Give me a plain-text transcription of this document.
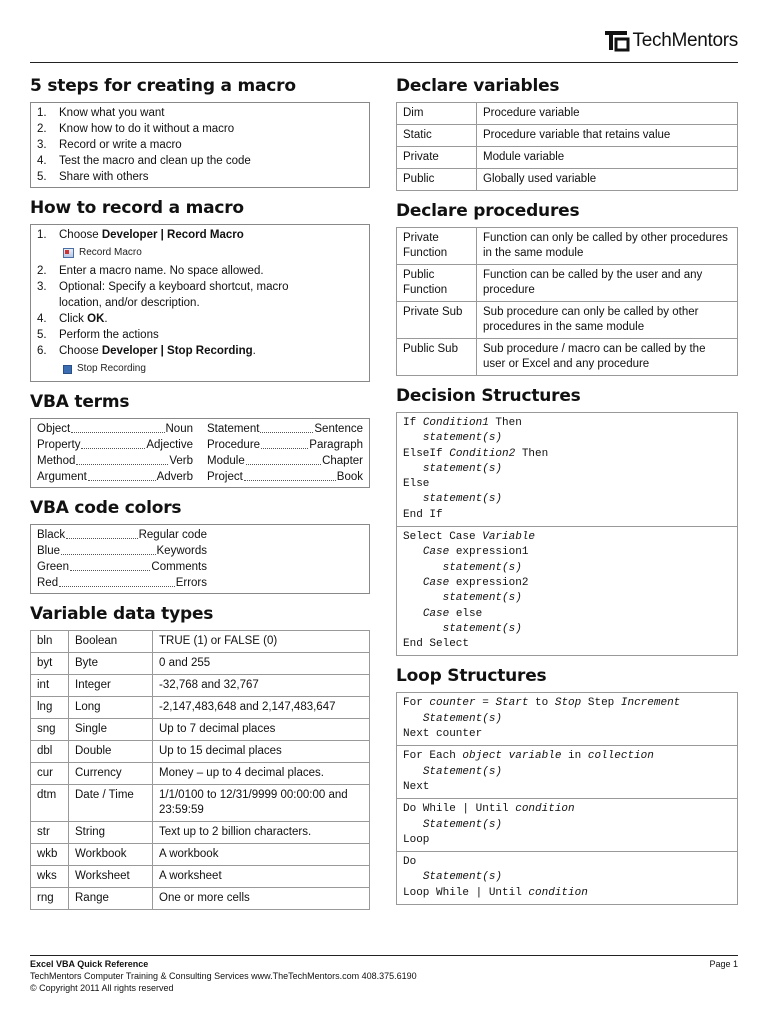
TechMentors
5 steps for creating a macro
1.	Know what you want
2.	Know how to do it without a macro
3.	Record or write a macro
4.	Test the macro and clean up the code
5.	Share with others
How to record a macro
1.	Choose Developer | Record Macro
Record Macro
2.	Enter a macro name. No space allowed.
3.	Optional: Specify a keyboard shortcut, macro
location, and/or description.
4.	Click OK.
5.	Perform the actions
6.	Choose Developer | Stop Recording.
Stop Recording
VBA terms
Object	Noun
Property	Adjective
Method	Verb
Argument	Adverb
Statement	Sentence
Procedure	Paragraph
Module	Chapter
Project	Book
VBA code colors
Black	Regular code
Blue	Keywords
Green	Comments
Red	Errors
Variable data types
bln	Boolean	TRUE (1) or FALSE (0)
byt	Byte	0 and 255
int	Integer	-32,768 and 32,767
lng	Long	-2,147,483,648 and 2,147,483,647
sng	Single	Up to 7 decimal places
dbl	Double	Up to 15 decimal places
cur	Currency	Money – up to 4 decimal places.
dtm	Date / Time	1/1/0100 to 12/31/9999 00:00:00 and 23:59:59
str	String	Text up to 2 billion characters.
wkb	Workbook	A workbook
wks	Worksheet	A worksheet
rng	Range	One or more cells
Declare variables
Dim	Procedure variable
Static	Procedure variable that retains value
Private	Module variable
Public	Globally used variable
Declare procedures
Private Function	Function can only be called by other procedures in the same module
Public Function	Function can be called by the user and any procedure
Private Sub	Sub procedure can only be called by other procedures in the same module
Public Sub	Sub procedure / macro can be called by the user or Excel and any procedure
Decision Structures
If Condition1 Then
statement(s)
ElseIf Condition2 Then
statement(s)
Else
statement(s)
End If
Select Case Variable
Case expression1
statement(s)
Case expression2
statement(s)
Case else
statement(s)
End Select
Loop Structures
For counter = Start to Stop Step Increment
Statement(s)
Next counter
For Each object variable in collection
Statement(s)
Next
Do While | Until condition
Statement(s)
Loop
Do
Statement(s)
Loop While | Until condition
Excel VBA Quick Reference	Page 1
TechMentors Computer Training & Consulting Services www.TheTechMentors.com 408.375.6190
© Copyright 2011 All rights reserved
